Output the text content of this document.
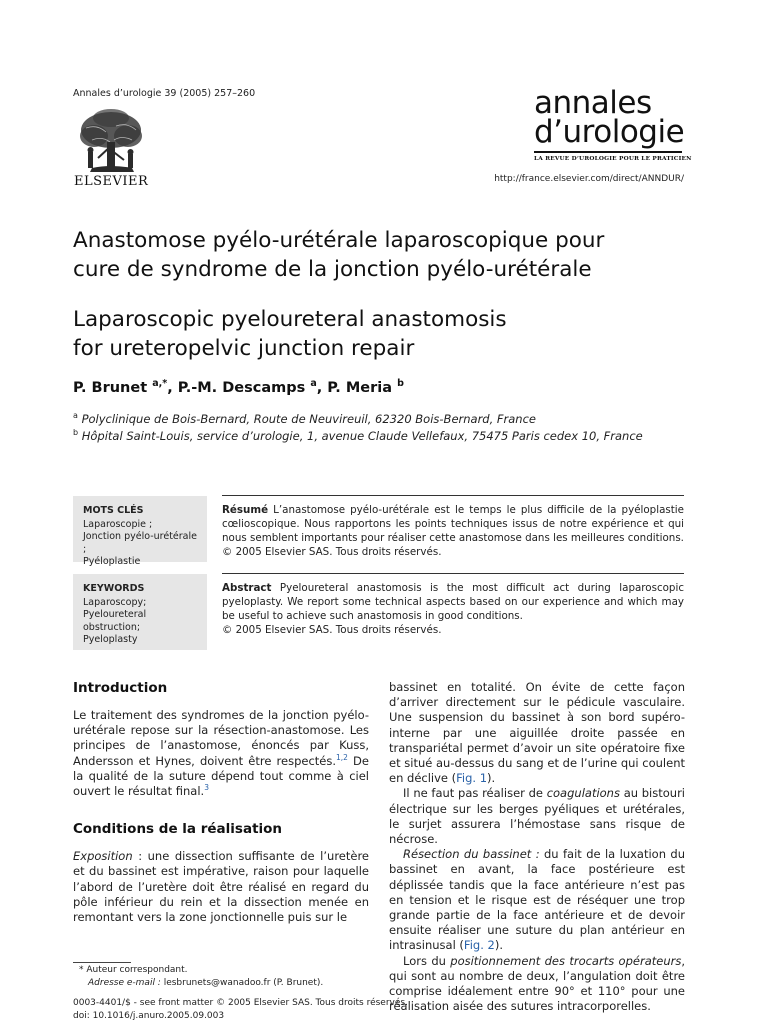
Annales d’urologie 39 (2005) 257–260
ELSEVIER
annales
d’urologie
LA REVUE D’UROLOGIE POUR LE PRATICIEN
http://france.elsevier.com/direct/ANNDUR/
Anastomose pyélo-urétérale laparoscopique pour
cure de syndrome de la jonction pyélo-urétérale
Laparoscopic pyeloureteral anastomosis
for ureteropelvic junction repair
P. Brunet $^{a,*}$, P.-M. Descamps $^a$, P. Meria $^b$
$^a$ Polyclinique de Bois-Bernard, Route de Neuvireuil, 62320 Bois-Bernard, France
$^b$ Hôpital Saint-Louis, service d’urologie, 1, avenue Claude Vellefaux, 75475 Paris cedex 10, France
MOTS CLÉS
Laparoscopie ;
Jonction pyélo-urétérale ;
Pyéloplastie
KEYWORDS
Laparoscopy;
Pyeloureteral
obstruction;
Pyeloplasty
Résumé L’anastomose pyélo-urétérale est le temps le plus difficile de la pyéloplastie cœlioscopique. Nous rapportons les points techniques issus de notre expérience et qui nous semblent importants pour réaliser cette anastomose dans les meilleures conditions.
© 2005 Elsevier SAS. Tous droits réservés.
Abstract Pyeloureteral anastomosis is the most difficult act during laparoscopic pyeloplasty. We report some technical aspects based on our experience and which may be useful to achieve such anastomosis in good conditions.
© 2005 Elsevier SAS. Tous droits réservés.
Introduction

Le traitement des syndromes de la jonction pyélo-urétérale repose sur la résection-anastomose. Les principes de l’anastomose, énoncés par Kuss, Andersson et Hynes, doivent être respectés.$^{1,2}$ De la qualité de la suture dépend tout comme à ciel ouvert le résultat final.$^3$

Conditions de la réalisation

Exposition : une dissection suffisante de l’uretère et du bassinet est impérative, raison pour laquelle l’abord de l’uretère doit être réalisé en regard du pôle inférieur du rein et la dissection menée en remontant vers la zone jonctionnelle puis sur le

bassinet en totalité. On évite de cette façon d’arriver directement sur le pédicule vasculaire. Une suspension du bassinet à son bord supéro-interne par une aiguillée droite passée en transpariétal permet d’avoir un site opératoire fixe et situé au-dessus du sang et de l’urine qui coulent en déclive (Fig. 1).

Il ne faut pas réaliser de coagulations au bistouri électrique sur les berges pyéliques et urétérales, le surjet assurera l’hémostase sans risque de nécrose.

Résection du bassinet : du fait de la luxation du bassinet en avant, la face postérieure est déplissée tandis que la face antérieure n’est pas en tension et le risque est de réséquer une trop grande partie de la face antérieure et de devoir ensuite réaliser une suture du plan antérieur en intrasinusal (Fig. 2).

Lors du positionnement des trocarts opérateurs, qui sont au nombre de deux, l’angulation doit être comprise idéalement entre 90° et 110° pour une réalisation aisée des sutures intracorporelles.

* Auteur correspondant.
Adresse e-mail : lesbrunets@wanadoo.fr (P. Brunet).
0003-4401/$ - see front matter © 2005 Elsevier SAS. Tous droits réservés.
doi: 10.1016/j.anuro.2005.09.003
